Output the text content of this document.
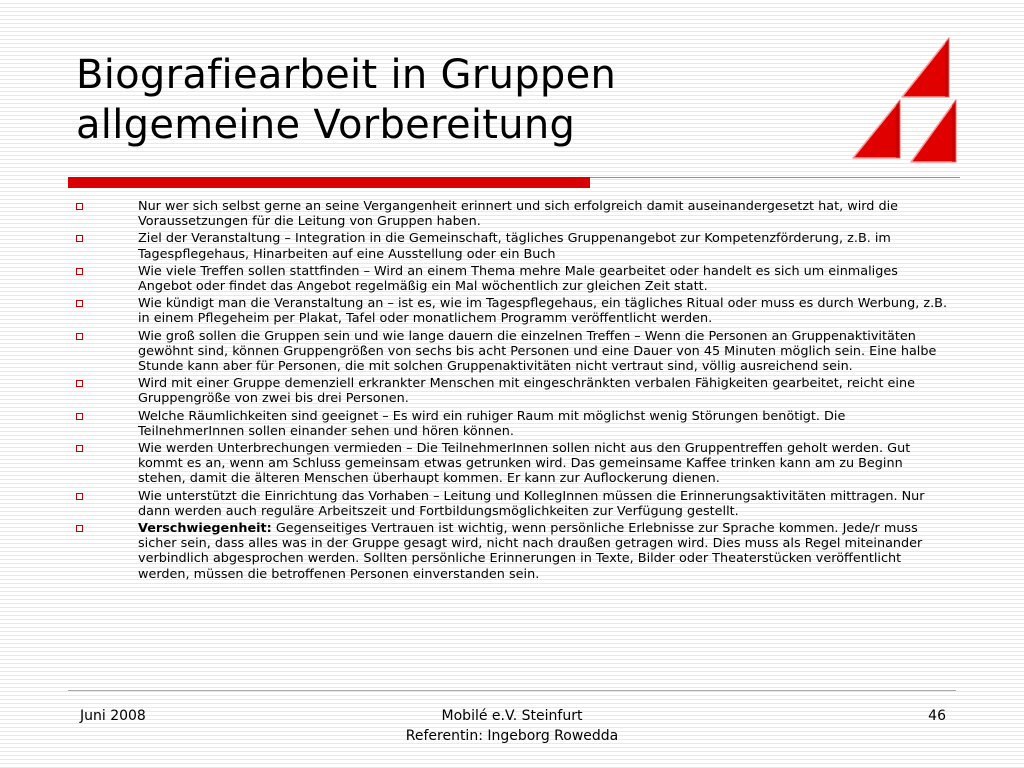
Biografiearbeit in Gruppen
allgemeine Vorbereitung
Nur wer sich selbst gerne an seine Vergangenheit erinnert und sich erfolgreich damit auseinandergesetzt hat, wird die Voraussetzungen für die Leitung von Gruppen haben.
Ziel der Veranstaltung – Integration in die Gemeinschaft, tägliches Gruppenangebot zur Kompetenzförderung, z.B. im Tagespflegehaus, Hinarbeiten auf eine Ausstellung oder ein Buch
Wie viele Treffen sollen stattfinden – Wird an einem Thema mehre Male gearbeitet oder handelt es sich um einmaliges Angebot oder findet das Angebot regelmäßig ein Mal wöchentlich zur gleichen Zeit statt.
Wie kündigt man die Veranstaltung an – ist es, wie im Tagespflegehaus, ein tägliches Ritual oder muss es durch Werbung, z.B. in einem Pflegeheim per Plakat, Tafel oder monatlichem Programm veröffentlicht werden.
Wie groß sollen die Gruppen sein und wie lange dauern die einzelnen Treffen – Wenn die Personen an Gruppenaktivitäten gewöhnt sind, können Gruppengrößen von sechs bis acht Personen und eine Dauer von 45 Minuten möglich sein. Eine halbe Stunde kann aber für Personen, die mit solchen Gruppenaktivitäten nicht vertraut sind, völlig ausreichend sein.
Wird mit einer Gruppe demenziell erkrankter Menschen mit eingeschränkten verbalen Fähigkeiten gearbeitet, reicht eine Gruppengröße von zwei bis drei Personen.
Welche Räumlichkeiten sind geeignet – Es wird ein ruhiger Raum mit möglichst wenig Störungen benötigt. Die TeilnehmerInnen sollen einander sehen und hören können.
Wie werden Unterbrechungen vermieden – Die TeilnehmerInnen sollen nicht aus den Gruppentreffen geholt werden. Gut kommt es an, wenn am Schluss gemeinsam etwas getrunken wird. Das gemeinsame Kaffee trinken kann am zu Beginn stehen, damit die älteren Menschen überhaupt kommen. Er kann zur Auflockerung dienen.
Wie unterstützt die Einrichtung das Vorhaben – Leitung und KollegInnen müssen die Erinnerungsaktivitäten mittragen. Nur dann werden auch reguläre Arbeitszeit und Fortbildungsmöglichkeiten zur Verfügung gestellt.
Verschwiegenheit: Gegenseitiges Vertrauen ist wichtig, wenn persönliche Erlebnisse zur Sprache kommen. Jede/r muss sicher sein, dass alles was in der Gruppe gesagt wird, nicht nach draußen getragen wird. Dies muss als Regel miteinander verbindlich abgesprochen werden. Sollten persönliche Erinnerungen in Texte, Bilder oder Theaterstücken veröffentlicht werden, müssen die betroffenen Personen einverstanden sein.
Juni 2008	Mobilé e.V. Steinfurt
Referentin: Ingeborg Rowedda
46
